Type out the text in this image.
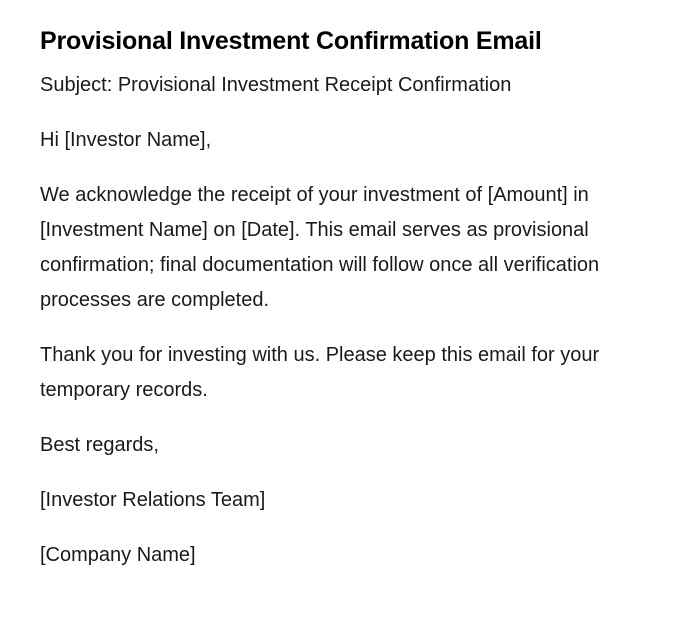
Provisional Investment Confirmation Email

Subject: Provisional Investment Receipt Confirmation

Hi [Investor Name],

We acknowledge the receipt of your investment of [Amount] in [Investment Name] on [Date]. This email serves as provisional confirmation; final documentation will follow once all verification processes are completed.

Thank you for investing with us. Please keep this email for your temporary records.

Best regards,

[Investor Relations Team]

[Company Name]
